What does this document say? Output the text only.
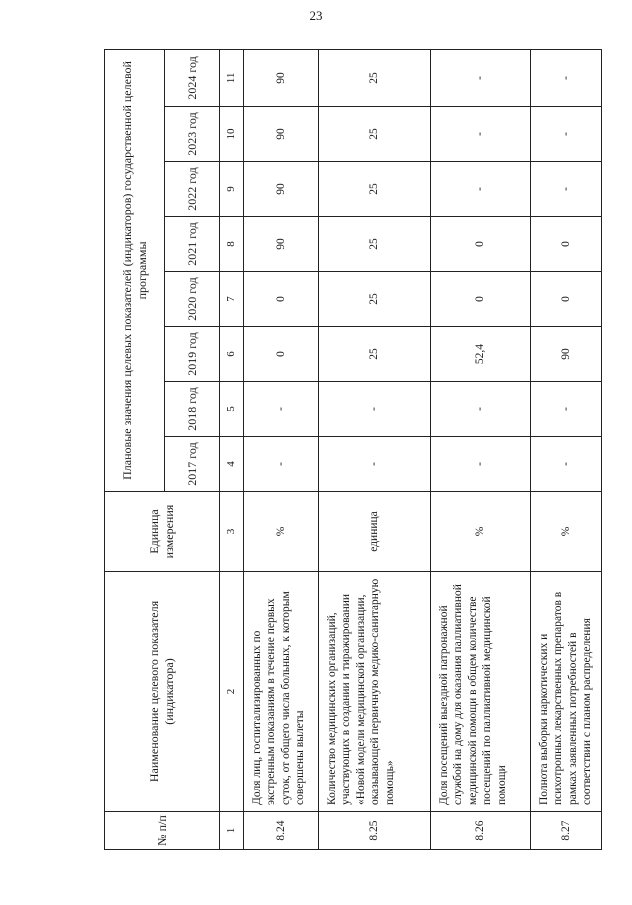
23
№ п/п	Наименование целевого показателя (индикатора)	Единица измерения	Плановые значения целевых показателей (индикаторов) государственной целевой программы							
			2017 год	2018 год	2019 год	2020 год	2021 год	2022 год	2023 год	2024 год
1	2	3	4	5	6	7	8	9	10	11
8.24	Доля лиц, госпитализированных по экстренным показаниям в течение первых суток, от общего числа больных, к которым совершены вылеты	%	-	-	0	0	90	90	90	90
8.25	Количество медицинских организаций, участвующих в создании и тиражировании «Новой модели медицинской организации, оказывающей первичную медико-санитарную помощь»	единица	-	-	25	25	25	25	25	25
8.26	Доля посещений выездной патронажной службой на дому для оказания паллиативной медицинской помощи в общем количестве посещений по паллиативной медицинской помощи	%	-	-	52,4	0	0	-	-	-
8.27	Полнота выборки наркотических и психотропных лекарственных препаратов в рамках заявленных потребностей в соответствии с планом распределения	%	-	-	90	0	0	-	-	-
